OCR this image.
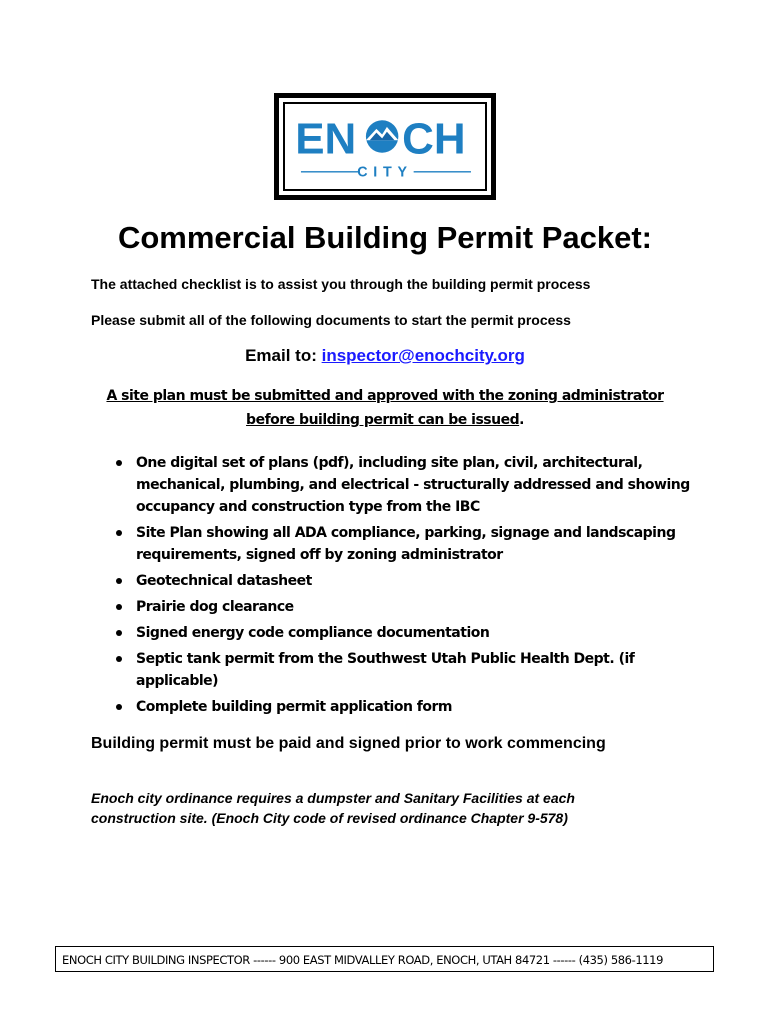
EN CH
CITY
Commercial Building Permit Packet:

The attached checklist is to assist you through the building permit process

Please submit all of the following documents to start the permit process

Email to: inspector@enochcity.org

A site plan must be submitted and approved with the zoning administrator before building permit can be issued.

One digital set of plans (pdf), including site plan, civil, architectural, mechanical, plumbing, and electrical - structurally addressed and showing occupancy and construction type from the IBC
Site Plan showing all ADA compliance, parking, signage and landscaping requirements, signed off by zoning administrator
Geotechnical datasheet
Prairie dog clearance
Signed energy code compliance documentation
Septic tank permit from the Southwest Utah Public Health Dept. (if applicable)
Complete building permit application form

Building permit must be paid and signed prior to work commencing

Enoch city ordinance requires a dumpster and Sanitary Facilities at each construction site. (Enoch City code of revised ordinance Chapter 9-578)

ENOCH CITY BUILDING INSPECTOR ------ 900 EAST MIDVALLEY ROAD, ENOCH, UTAH 84721 ------ (435) 586-1119
